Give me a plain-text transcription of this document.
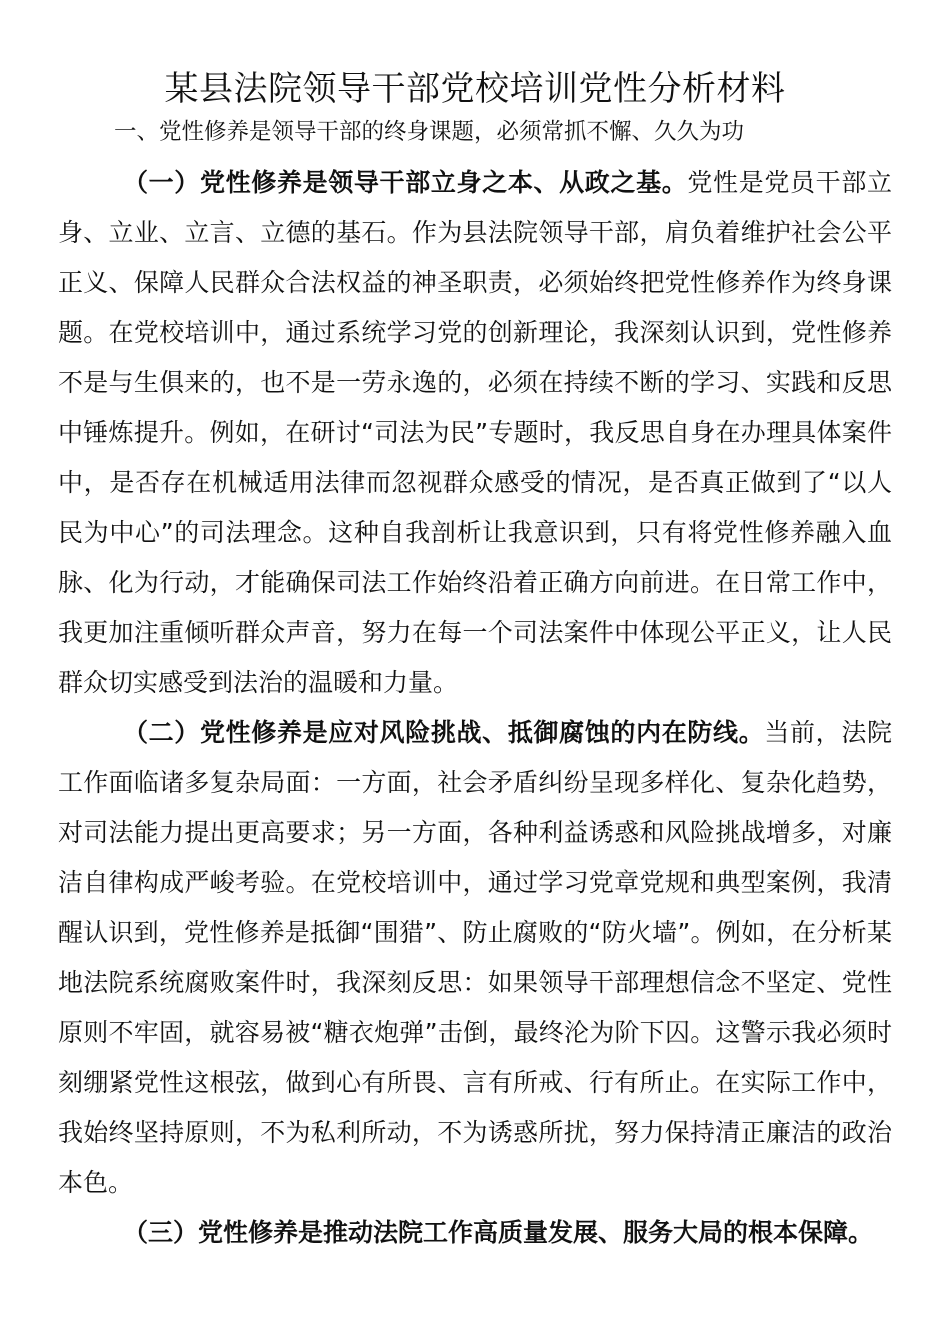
某县法院领导干部党校培训党性分析材料
一、党性修养是领导干部的终身课题，必须常抓不懈、久久为功

（一）党性修养是领导干部立身之本、从政之基。党性是党员干部立身、立业、立言、立德的基石。作为县法院领导干部，肩负着维护社会公平正义、保障人民群众合法权益的神圣职责，必须始终把党性修养作为终身课题。在党校培训中，通过系统学习党的创新理论，我深刻认识到，党性修养不是与生俱来的，也不是一劳永逸的，必须在持续不断的学习、实践和反思中锤炼提升。例如，在研讨“司法为民”专题时，我反思自身在办理具体案件中，是否存在机械适用法律而忽视群众感受的情况，是否真正做到了“以人民为中心”的司法理念。这种自我剖析让我意识到，只有将党性修养融入血脉、化为行动，才能确保司法工作始终沿着正确方向前进。在日常工作中，我更加注重倾听群众声音，努力在每一个司法案件中体现公平正义，让人民群众切实感受到法治的温暖和力量。

（二）党性修养是应对风险挑战、抵御腐蚀的内在防线。当前，法院工作面临诸多复杂局面：一方面，社会矛盾纠纷呈现多样化、复杂化趋势，对司法能力提出更高要求；另一方面，各种利益诱惑和风险挑战增多，对廉洁自律构成严峻考验。在党校培训中，通过学习党章党规和典型案例，我清醒认识到，党性修养是抵御“围猎”、防止腐败的“防火墙”。例如，在分析某地法院系统腐败案件时，我深刻反思：如果领导干部理想信念不坚定、党性原则不牢固，就容易被“糖衣炮弹”击倒，最终沦为阶下囚。这警示我必须时刻绷紧党性这根弦，做到心有所畏、言有所戒、行有所止。在实际工作中，我始终坚持原则，不为私利所动，不为诱惑所扰，努力保持清正廉洁的政治本色。

（三）党性修养是推动法院工作高质量发展、服务大局的根本保障。
